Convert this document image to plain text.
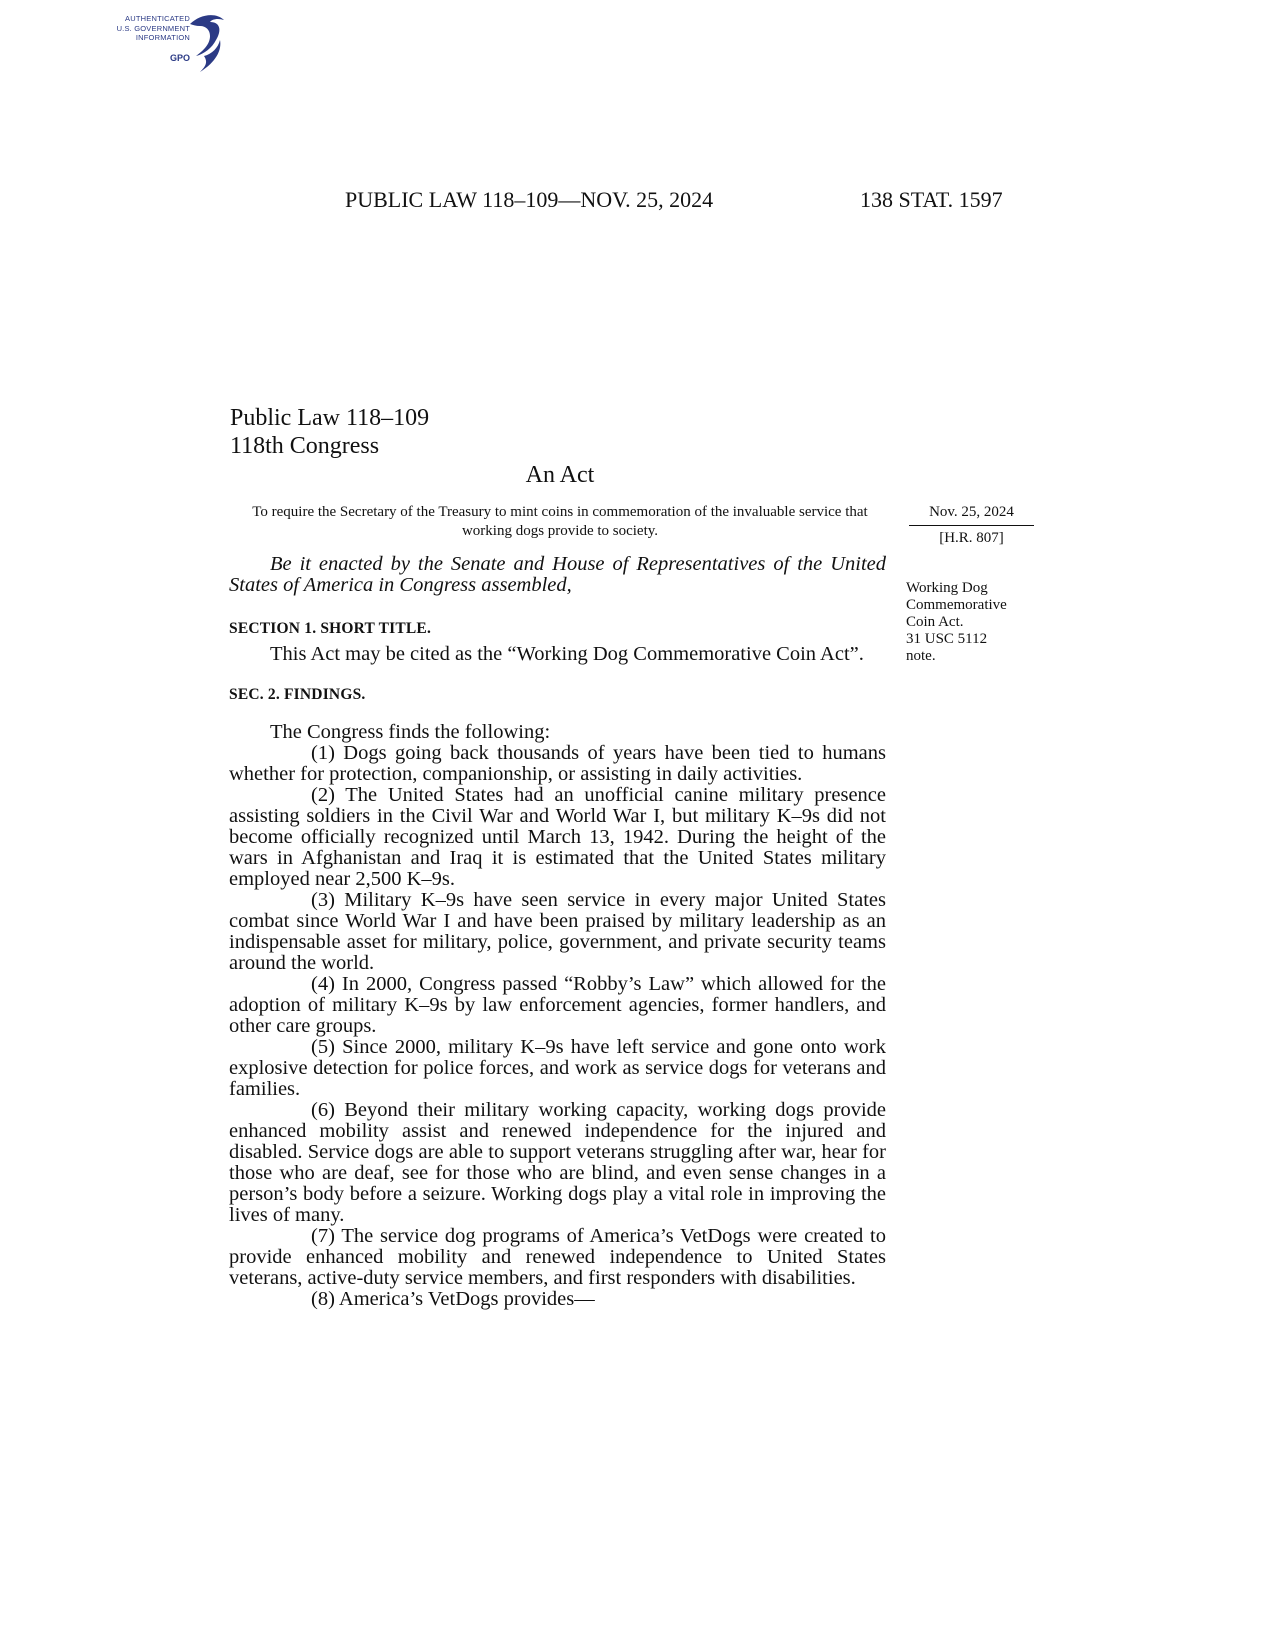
AUTHENTICATED
U.S. GOVERNMENT
INFORMATION
GPO
PUBLIC LAW 118–109—NOV. 25, 2024	138 STAT. 1597
Public Law 118–109
118th Congress
An Act
To require the Secretary of the Treasury to mint coins in commemoration of the invaluable service that working dogs provide to society.
Nov. 25, 2024
[H.R. 807]

Be it enacted by the Senate and House of Representatives of the United States of America in Congress assembled,

SECTION 1. SHORT TITLE.

This Act may be cited as the “Working Dog Commemorative Coin Act”.

SEC. 2. FINDINGS.

The Congress finds the following:

(1) Dogs going back thousands of years have been tied to humans whether for protection, companionship, or assisting in daily activities.

(2) The United States had an unofficial canine military presence assisting soldiers in the Civil War and World War I, but military K–9s did not become officially recognized until March 13, 1942. During the height of the wars in Afghanistan and Iraq it is estimated that the United States military employed near 2,500 K–9s.

(3) Military K–9s have seen service in every major United States combat since World War I and have been praised by military leadership as an indispensable asset for military, police, government, and private security teams around the world.

(4) In 2000, Congress passed “Robby’s Law” which allowed for the adoption of military K–9s by law enforcement agencies, former handlers, and other care groups.

(5) Since 2000, military K–9s have left service and gone onto work explosive detection for police forces, and work as service dogs for veterans and families.

(6) Beyond their military working capacity, working dogs provide enhanced mobility assist and renewed independence for the injured and disabled. Service dogs are able to support veterans struggling after war, hear for those who are deaf, see for those who are blind, and even sense changes in a person’s body before a seizure. Working dogs play a vital role in improving the lives of many.

(7) The service dog programs of America’s VetDogs were created to provide enhanced mobility and renewed independence to United States veterans, active-duty service members, and first responders with disabilities.

(8) America’s VetDogs provides—

Working Dog
Commemorative
Coin Act.
31 USC 5112
note.
